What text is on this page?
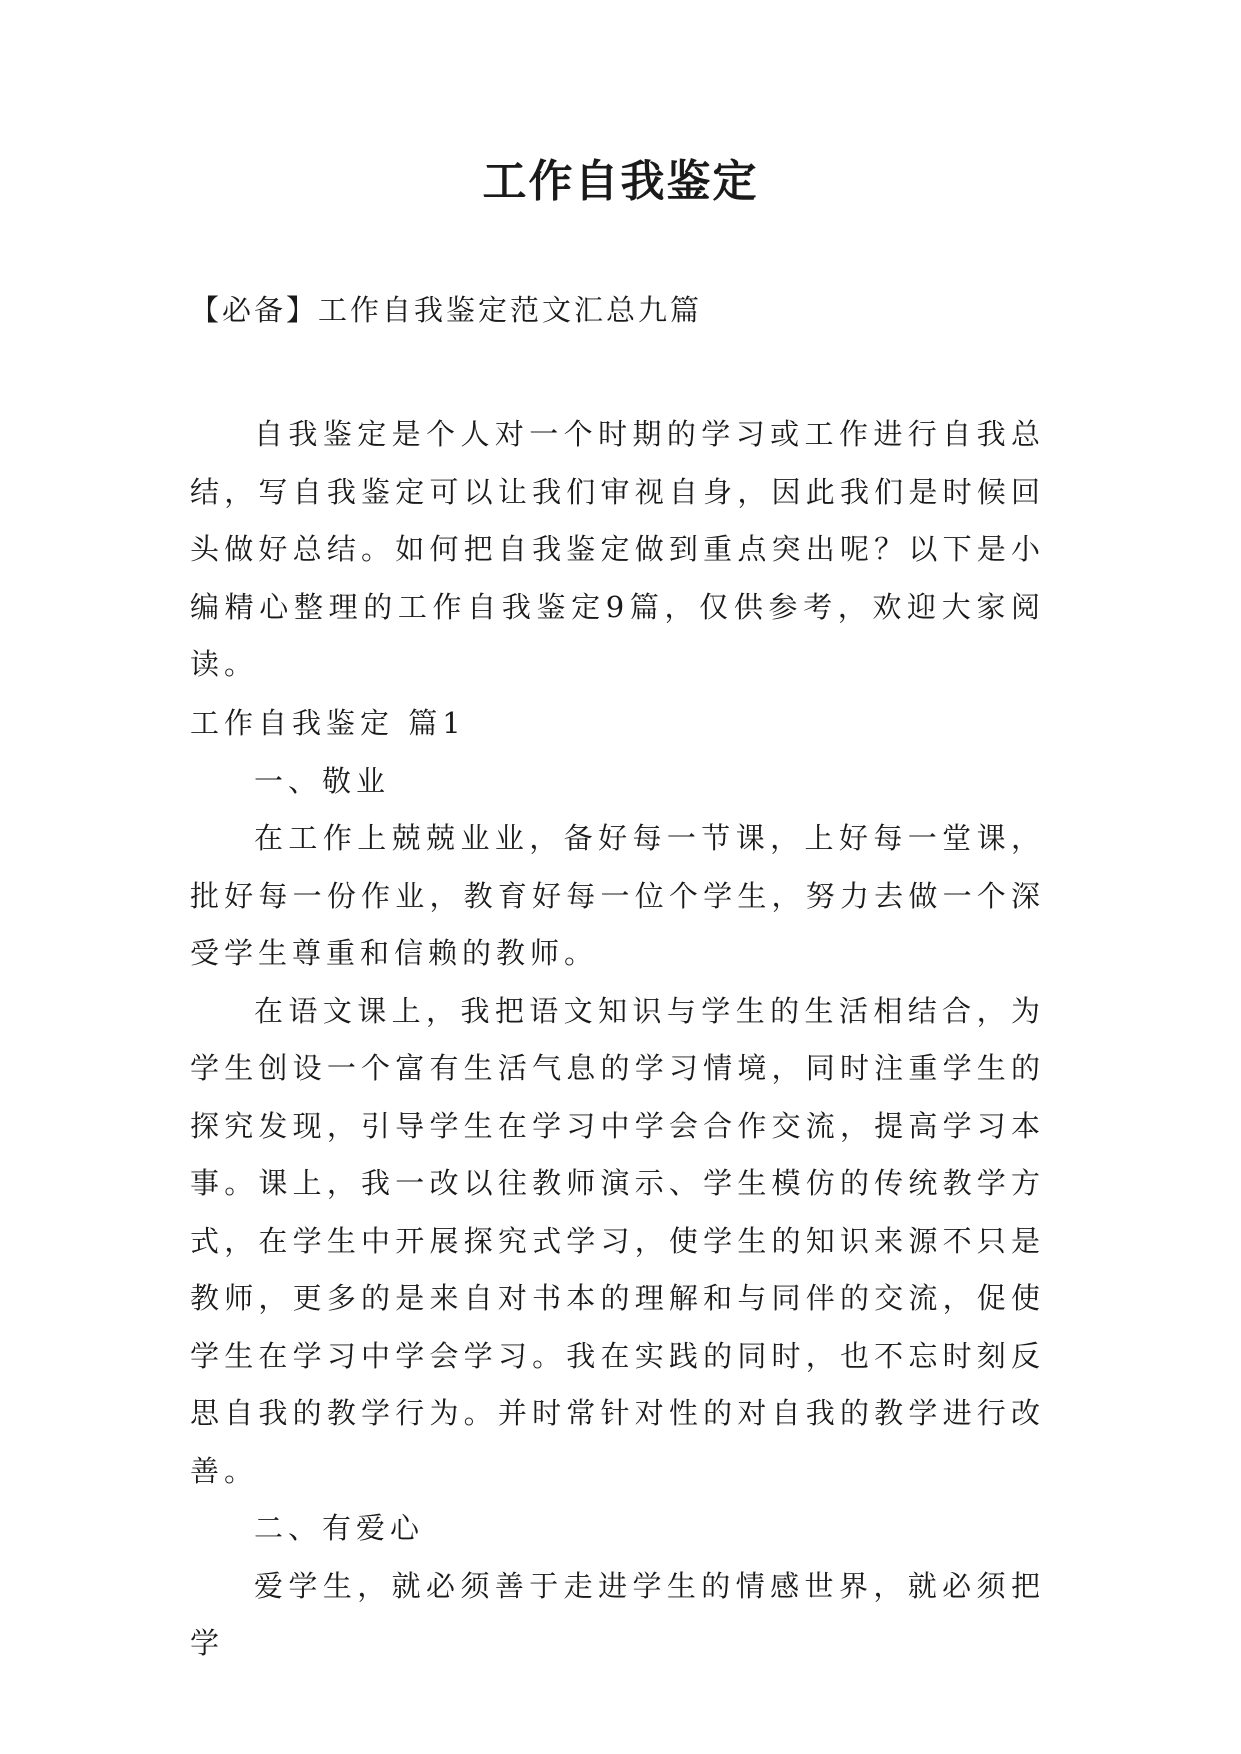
工作自我鉴定
【必备】工作自我鉴定范文汇总九篇
自我鉴定是个人对一个时期的学习或工作进行自我总结，写自我鉴定可以让我们审视自身，因此我们是时候回头做好总结。如何把自我鉴定做到重点突出呢？以下是小编精心整理的工作自我鉴定9篇，仅供参考，欢迎大家阅读。

工作自我鉴定 篇1

一、敬业

在工作上兢兢业业，备好每一节课，上好每一堂课，批好每一份作业，教育好每一位个学生，努力去做一个深受学生尊重和信赖的教师。

在语文课上，我把语文知识与学生的生活相结合，为学生创设一个富有生活气息的学习情境，同时注重学生的探究发现，引导学生在学习中学会合作交流，提高学习本事。课上，我一改以往教师演示、学生模仿的传统教学方式，在学生中开展探究式学习，使学生的知识来源不只是教师，更多的是来自对书本的理解和与同伴的交流，促使学生在学习中学会学习。我在实践的同时，也不忘时刻反思自我的教学行为。并时常针对性的对自我的教学进行改善。

二、有爱心

爱学生，就必须善于走进学生的情感世界，就必须把学
